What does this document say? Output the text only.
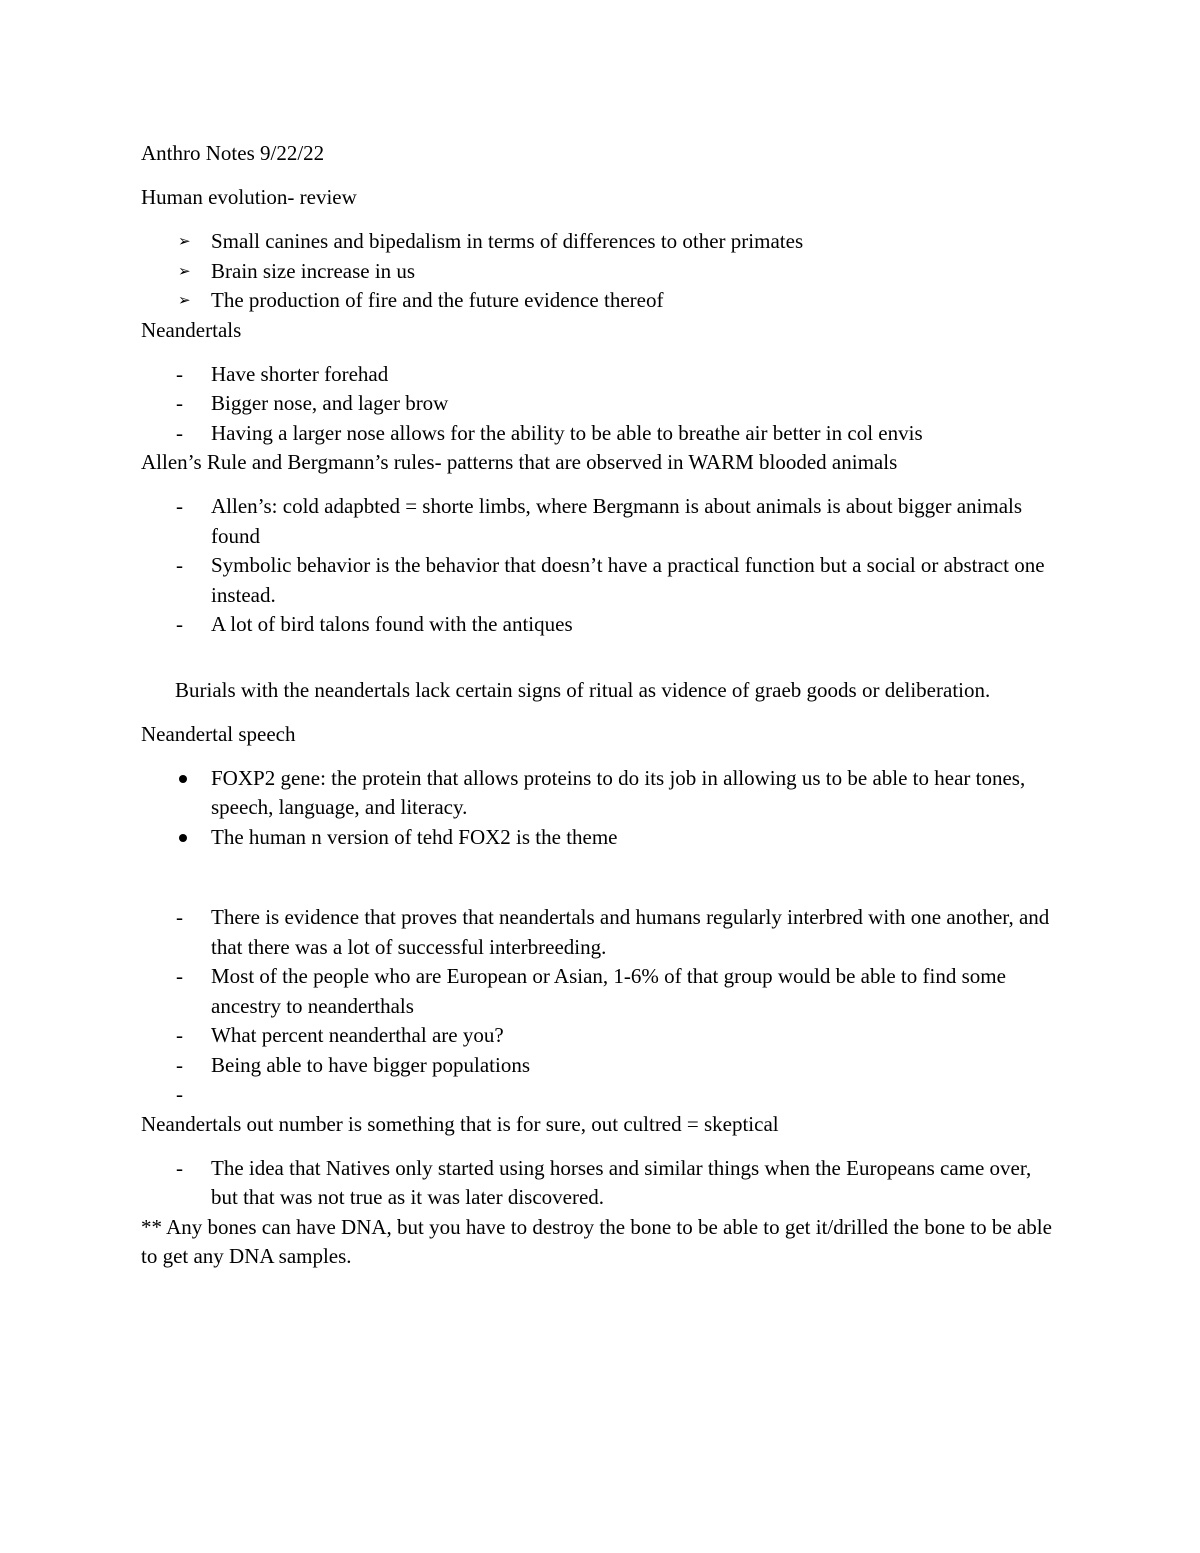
Anthro Notes 9/22/22

Human evolution- review

➢ Small canines and bipedalism in terms of differences to other primates
➢ Brain size increase in us
➢ The production of fire and the future evidence thereof

Neandertals

-	Have shorter forehad
-	Bigger nose, and lager brow
-	Having a larger nose allows for the ability to be able to breathe air better in col envis

Allen’s Rule and Bergmann’s rules- patterns that are observed in WARM blooded animals

-	Allen’s: cold adapbted = shorte limbs, where Bergmann is about animals is about bigger animals found
-	Symbolic behavior is the behavior that doesn’t have a practical function but a social or abstract one instead.
-	A lot of bird talons found with the antiques

Burials with the neandertals lack certain signs of ritual as vidence of graeb goods or deliberation.

Neandertal speech

FOXP2 gene: the protein that allows proteins to do its job in allowing us to be able to hear tones, speech, language, and literacy.
The human n version of tehd FOX2 is the theme
-	There is evidence that proves that neandertals and humans regularly interbred with one another, and that there was a lot of successful interbreeding.
-	Most of the people who are European or Asian, 1-6% of that group would be able to find some ancestry to neanderthals
-	What percent neanderthal are you?
-	Being able to have bigger populations
-

Neandertals out number is something that is for sure, out cultred = skeptical

-	The idea that Natives only started using horses and similar things when the Europeans came over, but that was not true as it was later discovered.

** Any bones can have DNA, but you have to destroy the bone to be able to get it/drilled the bone to be able to get any DNA samples.
